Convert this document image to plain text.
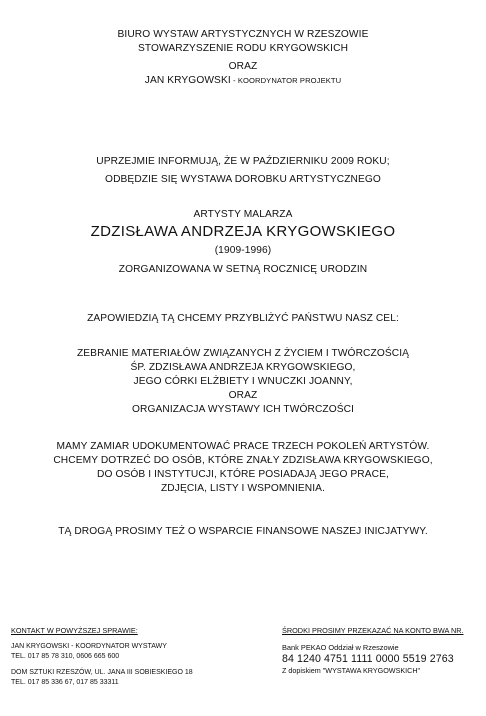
BIURO WYSTAW ARTYSTYCZNYCH W RZESZOWIE
STOWARZYSZENIE RODU KRYGOWSKICH
ORAZ
JAN KRYGOWSKI - KOORDYNATOR PROJEKTU
UPRZEJMIE INFORMUJĄ, ŻE W PAŹDZIERNIKU 2009 ROKU;
ODBĘDZIE SIĘ WYSTAWA DOROBKU ARTYSTYCZNEGO
ARTYSTY MALARZA
ZDZISŁAWA ANDRZEJA KRYGOWSKIEGO
(1909-1996)
ZORGANIZOWANA W SETNĄ ROCZNICĘ URODZIN
ZAPOWIEDZIĄ TĄ CHCEMY PRZYBLIŻYĆ PAŃSTWU NASZ CEL:
ZEBRANIE MATERIAŁÓW ZWIĄZANYCH Z ŻYCIEM I TWÓRCZOŚCIĄ
ŚP. ZDZISŁAWA ANDRZEJA KRYGOWSKIEGO,
JEGO CÓRKI ELŻBIETY I WNUCZKI JOANNY,
ORAZ
ORGANIZACJA WYSTAWY ICH TWÓRCZOŚCI
MAMY ZAMIAR UDOKUMENTOWAĆ PRACE TRZECH POKOLEŃ ARTYSTÓW.
CHCEMY DOTRZEĆ DO OSÓB, KTÓRE ZNAŁY ZDZISŁAWA KRYGOWSKIEGO,
DO OSÓB I INSTYTUCJI, KTÓRE POSIADAJĄ JEGO PRACE,
ZDJĘCIA, LISTY I WSPOMNIENIA.
TĄ DROGĄ PROSIMY TEŻ O WSPARCIE FINANSOWE NASZEJ INICJATYWY.
KONTAKT W POWYŻSZEJ SPRAWIE:
JAN KRYGOWSKI - KOORDYNATOR WYSTAWY
TEL. 017 85 78 310, 0606 665 600
DOM SZTUKI RZESZÓW, UL. JANA III SOBIESKIEGO 18
TEL. 017 85 336 67, 017 85 33311
ŚRODKI PROSIMY PRZEKAZAĆ NA KONTO BWA NR.
Bank PEKAO Oddział w Rzeszowie
84 1240 4751 1111 0000 5519 2763
Z dopiskiem "WYSTAWA KRYGOWSKICH"
